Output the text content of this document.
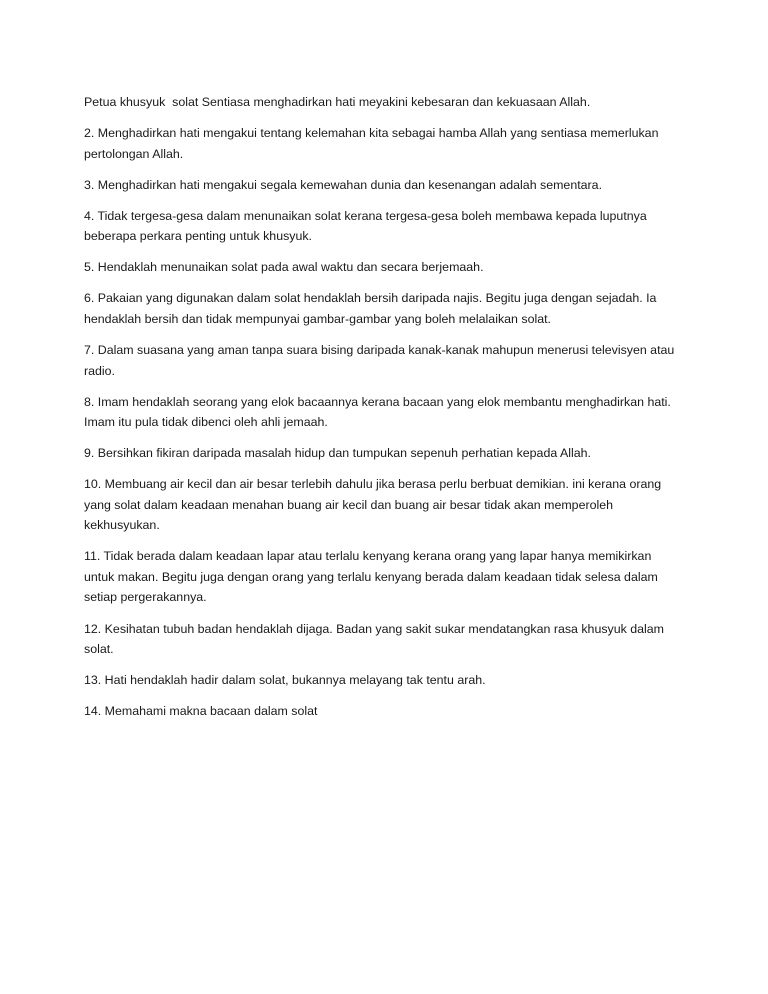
Petua khusyuk  solat Sentiasa menghadirkan hati meyakini kebesaran dan kekuasaan Allah.

2. Menghadirkan hati mengakui tentang kelemahan kita sebagai hamba Allah yang sentiasa memerlukan pertolongan Allah.

3. Menghadirkan hati mengakui segala kemewahan dunia dan kesenangan adalah sementara.

4. Tidak tergesa-gesa dalam menunaikan solat kerana tergesa-gesa boleh membawa kepada luputnya beberapa perkara penting untuk khusyuk.

5. Hendaklah menunaikan solat pada awal waktu dan secara berjemaah.

6. Pakaian yang digunakan dalam solat hendaklah bersih daripada najis. Begitu juga dengan sejadah. Ia hendaklah bersih dan tidak mempunyai gambar-gambar yang boleh melalaikan solat.

7. Dalam suasana yang aman tanpa suara bising daripada kanak-kanak mahupun menerusi televisyen atau radio.

8. Imam hendaklah seorang yang elok bacaannya kerana bacaan yang elok membantu menghadirkan hati. Imam itu pula tidak dibenci oleh ahli jemaah.

9. Bersihkan fikiran daripada masalah hidup dan tumpukan sepenuh perhatian kepada Allah.

10. Membuang air kecil dan air besar terlebih dahulu jika berasa perlu berbuat demikian. ini kerana orang yang solat dalam keadaan menahan buang air kecil dan buang air besar tidak akan memperoleh kekhusyukan.

11. Tidak berada dalam keadaan lapar atau terlalu kenyang kerana orang yang lapar hanya memikirkan untuk makan. Begitu juga dengan orang yang terlalu kenyang berada dalam keadaan tidak selesa dalam setiap pergerakannya.

12. Kesihatan tubuh badan hendaklah dijaga. Badan yang sakit sukar mendatangkan rasa khusyuk dalam solat.

13. Hati hendaklah hadir dalam solat, bukannya melayang tak tentu arah.

14. Memahami makna bacaan dalam solat
